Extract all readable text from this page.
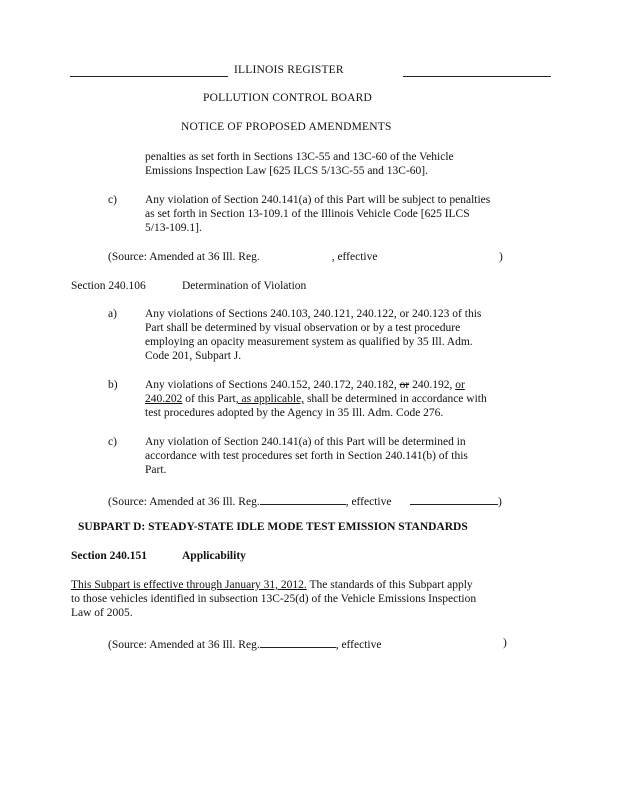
ILLINOIS REGISTER
POLLUTION CONTROL BOARD
NOTICE OF PROPOSED AMENDMENTS
penalties as set forth in Sections 13C-55 and 13C-60 of the Vehicle
Emissions Inspection Law [625 ILCS 5/13C-55 and 13C-60].
c) Any violation of Section 240.141(a) of this Part will be subject to penalties
as set forth in Section 13-109.1 of the Illinois Vehicle Code [625 ILCS
5/13-109.1].
(Source: Amended at 36 Ill. Reg.	, effective	)
Section 240.106	Determination of Violation
a) Any violations of Sections 240.103, 240.121, 240.122, or 240.123 of this
Part shall be determined by visual observation or by a test procedure
employing an opacity measurement system as qualified by 35 Ill. Adm.
Code 201, Subpart J.
b) Any violations of Sections 240.152, 240.172, 240.182, or 240.192, or
240.202 of this Part, as applicable, shall be determined in accordance with
test procedures adopted by the Agency in 35 Ill. Adm. Code 276.
c) Any violation of Section 240.141(a) of this Part will be determined in
accordance with test procedures set forth in Section 240.141(b) of this
Part.
(Source: Amended at 36 Ill. Reg.	, effective	)
SUBPART D: STEADY-STATE IDLE MODE TEST EMISSION STANDARDS
Section 240.151	Applicability
This Subpart is effective through January 31, 2012. The standards of this Subpart apply
to those vehicles identified in subsection 13C-25(d) of the Vehicle Emissions Inspection
Law of 2005.
(Source: Amended at 36 Ill. Reg.	, effective	)
